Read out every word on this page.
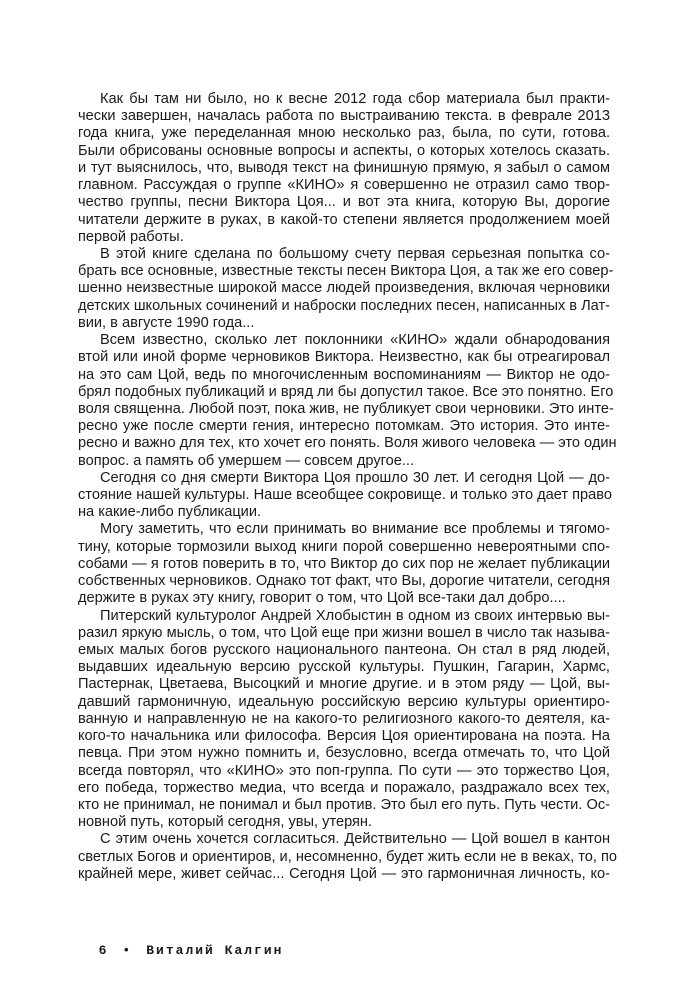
Как бы там ни было, но к весне 2012 года сбор материала был практи-
чески завершен, началась работа по выстраиванию текста. в феврале 2013
года книга, уже переделанная мною несколько раз, была, по сути, готова.
Были обрисованы основные вопросы и аспекты, о которых хотелось сказать.
и тут выяснилось, что, выводя текст на финишную прямую, я забыл о самом
главном. Рассуждая о группе «КИНО» я совершенно не отразил само твор-
чество группы, песни Виктора Цоя... и вот эта книга, которую Вы, дорогие
читатели держите в руках, в какой-то степени является продолжением моей
первой работы.
В этой книге сделана по большому счету первая серьезная попытка со-
брать все основные, известные тексты песен Виктора Цоя, а так же его совер-
шенно неизвестные широкой массе людей произведения, включая черновики
детских школьных сочинений и наброски последних песен, написанных в Лат-
вии, в августе 1990 года...
Всем известно, сколько лет поклонники «КИНО» ждали обнародования
втой или иной форме черновиков Виктора. Неизвестно, как бы отреагировал
на это сам Цой, ведь по многочисленным воспоминаниям — Виктор не одо-
брял подобных публикаций и вряд ли бы допустил такое. Все это понятно. Его
воля священна. Любой поэт, пока жив, не публикует свои черновики. Это инте-
ресно уже после смерти гения, интересно потомкам. Это история. Это инте-
ресно и важно для тех, кто хочет его понять. Воля живого человека — это один
вопрос. а память об умершем — совсем другое...
Сегодня со дня смерти Виктора Цоя прошло 30 лет. И сегодня Цой — до-
стояние нашей культуры. Наше всеобщее сокровище. и только это дает право
на какие-либо публикации.
Могу заметить, что если принимать во внимание все проблемы и тягомо-
тину, которые тормозили выход книги порой совершенно невероятными спо-
собами — я готов поверить в то, что Виктор до сих пор не желает публикации
собственных черновиков. Однако тот факт, что Вы, дорогие читатели, сегодня
держите в руках эту книгу, говорит о том, что Цой все-таки дал добро....
Питерский культуролог Андрей Хлобыстин в одном из своих интервью вы-
разил яркую мысль, о том, что Цой еще при жизни вошел в число так называ-
емых малых богов русского национального пантеона. Он стал в ряд людей,
выдавших идеальную версию русской культуры. Пушкин, Гагарин, Хармс,
Пастернак, Цветаева, Высоцкий и многие другие. и в этом ряду — Цой, вы-
давший гармоничную, идеальную российскую версию культуры ориентиро-
ванную и направленную не на какого-то религиозного какого-то деятеля, ка-
кого-то начальника или философа. Версия Цоя ориентирована на поэта. На
певца. При этом нужно помнить и, безусловно, всегда отмечать то, что Цой
всегда повторял, что «КИНО» это поп-группа. По сути — это торжество Цоя,
его победа, торжество медиа, что всегда и поражало, раздражало всех тех,
кто не принимал, не понимал и был против. Это был его путь. Путь чести. Ос-
новной путь, который сегодня, увы, утерян.
С этим очень хочется согласиться. Действительно — Цой вошел в кантон
светлых Богов и ориентиров, и, несомненно, будет жить если не в веках, то, по
крайней мере, живет сейчас... Сегодня Цой — это гармоничная личность, ко-

6 • Виталий Калгин
